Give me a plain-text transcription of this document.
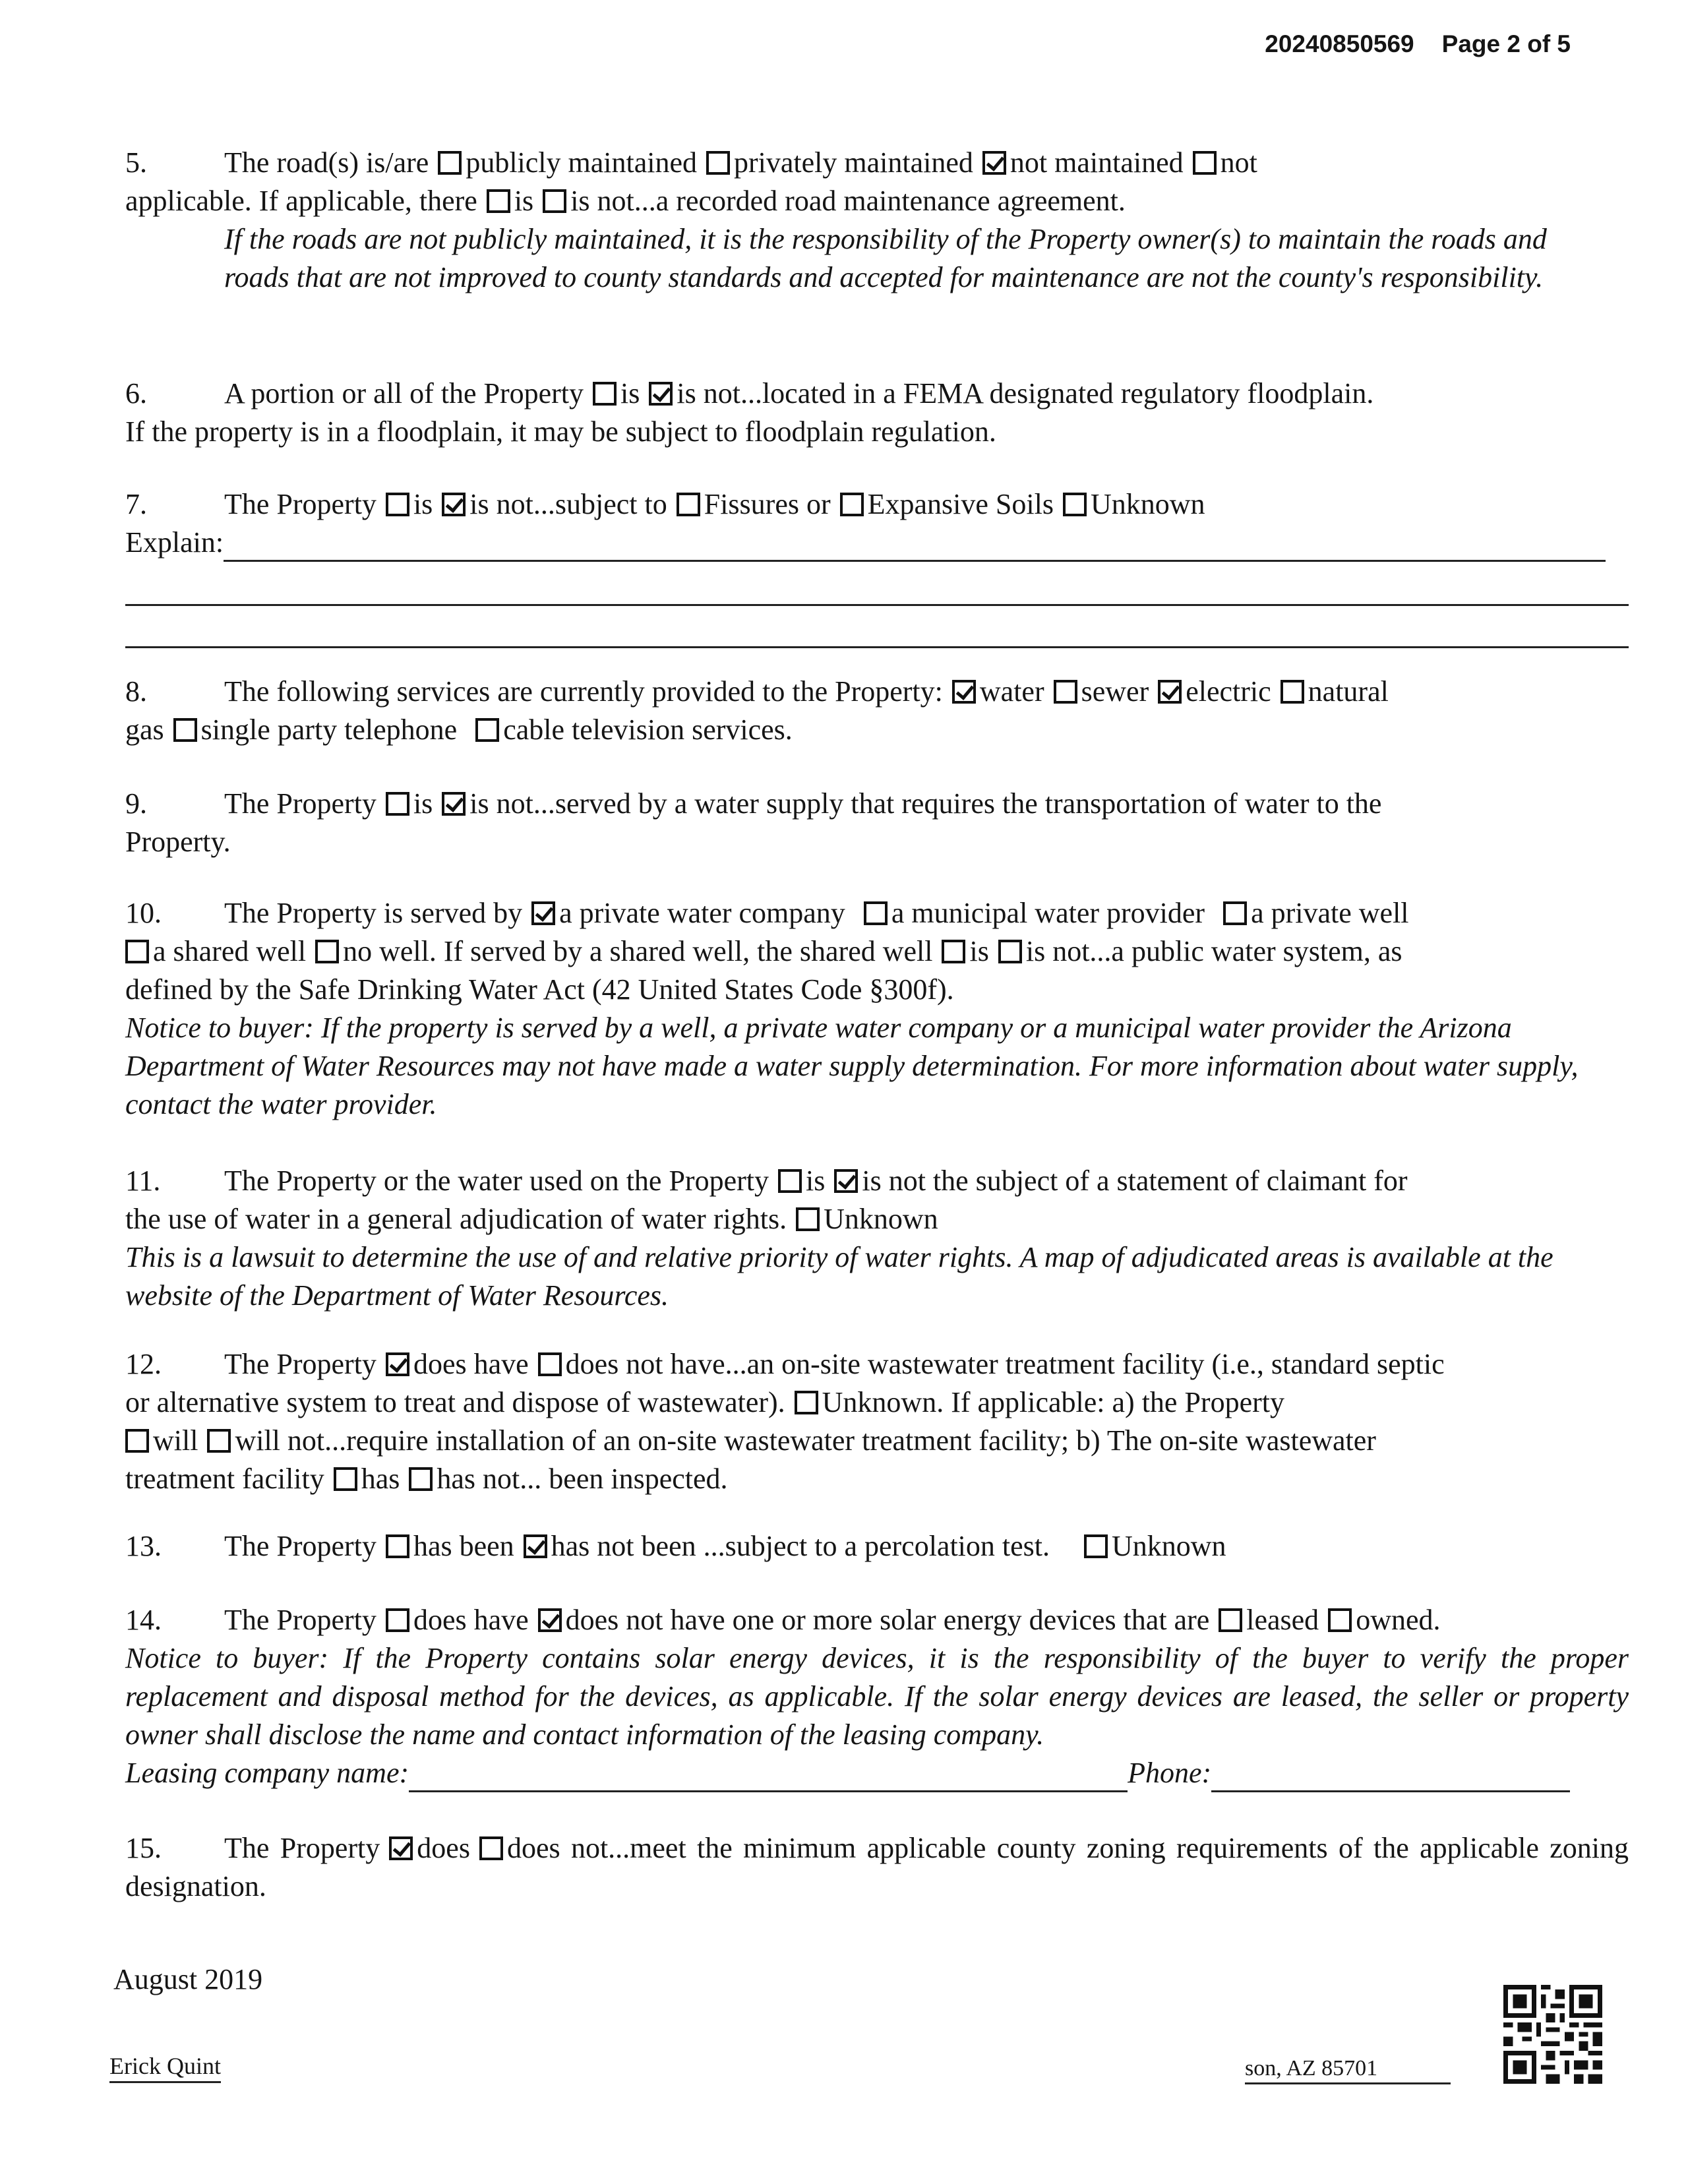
20240850569 Page 2 of 5
5.	The road(s) is/are publicly maintained privately maintained not maintained not
applicable. If applicable, there is is not...a recorded road maintenance agreement.
If the roads are not publicly maintained, it is the responsibility of the Property owner(s) to maintain the roads and roads that are not improved to county standards and accepted for maintenance are not the county's responsibility.
6.	A portion or all of the Property is is not...located in a FEMA designated regulatory floodplain.
If the property is in a floodplain, it may be subject to floodplain regulation.
7.	The Property is is not...subject to Fissures or Expansive Soils Unknown
Explain:
8.	The following services are currently provided to the Property: water sewer electric natural
gas single party telephone cable television services.
9.	The Property is is not...served by a water supply that requires the transportation of water to the
Property.
10. The Property is served by a private water company a municipal water provider a private well
a shared well no well. If served by a shared well, the shared well is is not...a public water system, as
defined by the Safe Drinking Water Act (42 United States Code §300f).
Notice to buyer: If the property is served by a well, a private water company or a municipal water provider the Arizona Department of Water Resources may not have made a water supply determination. For more information about water supply, contact the water provider.
11. The Property or the water used on the Property is is not the subject of a statement of claimant for
the use of water in a general adjudication of water rights. Unknown
This is a lawsuit to determine the use of and relative priority of water rights. A map of adjudicated areas is available at the website of the Department of Water Resources.
12. The Property does have does not have...an on-site wastewater treatment facility (i.e., standard septic
or alternative system to treat and dispose of wastewater). Unknown. If applicable: a) the Property
will will not...require installation of an on-site wastewater treatment facility; b) The on-site wastewater
treatment facility has has not... been inspected.
13. The Property has been has not been ...subject to a percolation test. Unknown
14. The Property does have does not have one or more solar energy devices that are leased owned.
Notice to buyer: If the Property contains solar energy devices, it is the responsibility of the buyer to verify the proper replacement and disposal method for the devices, as applicable. If the solar energy devices are leased, the seller or property owner shall disclose the name and contact information of the leasing company.
Leasing company name:	Phone:
15. The Property does does not...meet the minimum applicable county zoning requirements of the applicable zoning designation.
August 2019
Erick Quint	son, AZ 85701
